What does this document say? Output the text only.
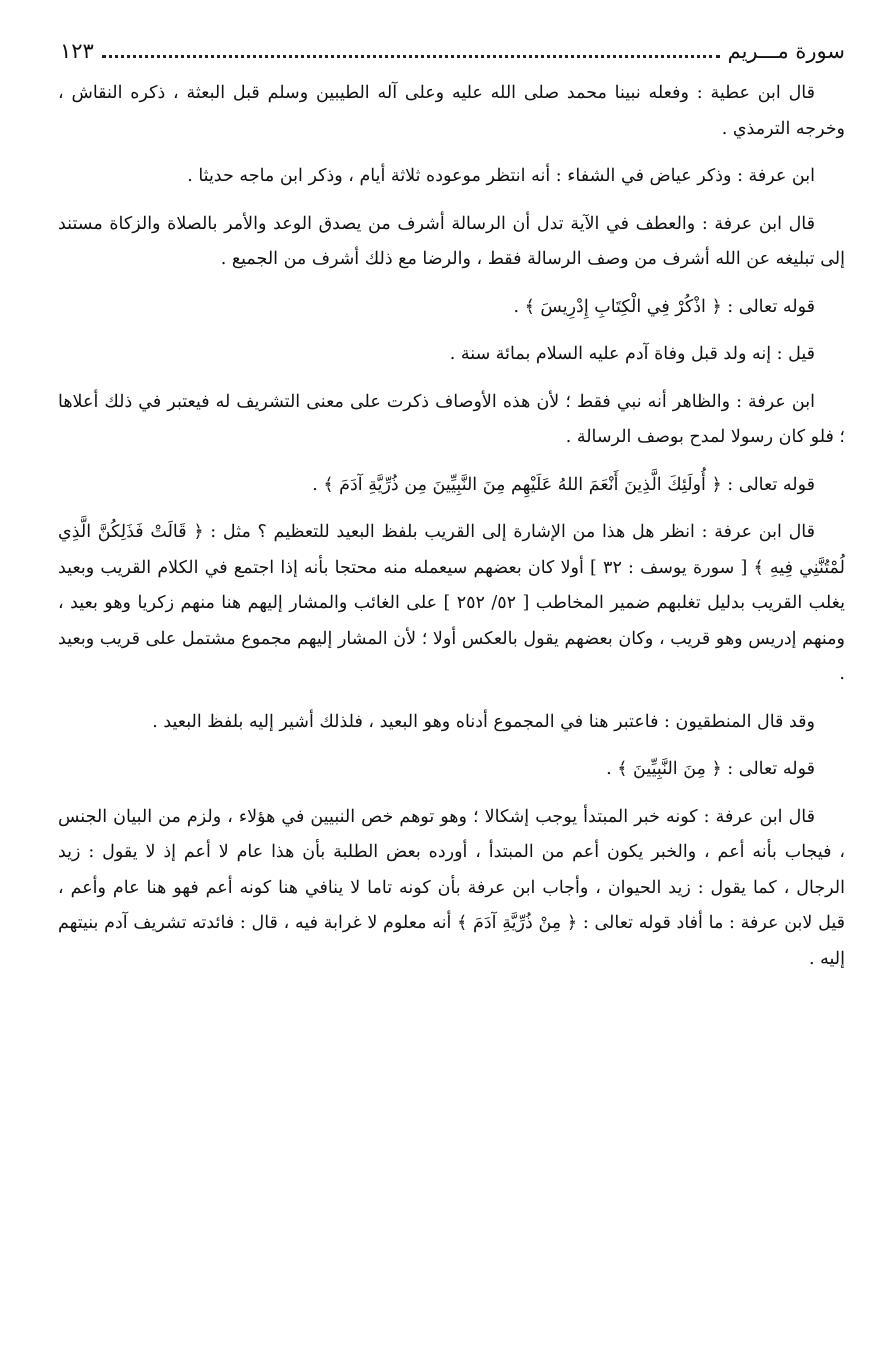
سورة مـــريم
١٢٣

قال ابن عطية : وفعله نبينا محمد صلى الله عليه وعلى آله الطيبين وسلم قبل البعثة ، ذكره النقاش ، وخرجه الترمذي .

ابن عرفة : وذكر عياض في الشفاء : أنه انتظر موعوده ثلاثة أيام ، وذكر ابن ماجه حديثا .

قال ابن عرفة : والعطف في الآية تدل أن الرسالة أشرف من يصدق الوعد والأمر بالصلاة والزكاة مستند إلى تبليغه عن الله أشرف من وصف الرسالة فقط ، والرضا مع ذلك أشرف من الجميع .

قوله تعالى : ﴿ اذْكُرْ فِي الْكِتَابِ إِدْرِيسَ ﴾ .

قيل : إنه ولد قبل وفاة آدم عليه السلام بمائة سنة .

ابن عرفة : والظاهر أنه نبي فقط ؛ لأن هذه الأوصاف ذكرت على معنى التشريف له فيعتبر في ذلك أعلاها ؛ فلو كان رسولا لمدح بوصف الرسالة .

قوله تعالى : ﴿ أُولَئِكَ الَّذِينَ أَنْعَمَ اللهُ عَلَيْهِم مِنَ النَّبِيِّينَ مِن ذُرِّيَّةِ آدَمَ ﴾ .

قال ابن عرفة : انظر هل هذا من الإشارة إلى القريب بلفظ البعيد للتعظيم ؟ مثل : ﴿ قَالَتْ فَذَلِكُنَّ الَّذِي لُمْتُنَّنِي فِيهِ ﴾ [ سورة يوسف : ٣٢ ] أولا كان بعضهم سيعمله منه محتجا بأنه إذا اجتمع في الكلام القريب وبعيد يغلب القريب بدليل تغلبهم ضمير المخاطب [ ٥٢/ ٢٥٢ ] على الغائب والمشار إليهم هنا منهم زكريا وهو بعيد ، ومنهم إدريس وهو قريب ، وكان بعضهم يقول بالعكس أولا ؛ لأن المشار إليهم مجموع مشتمل على قريب وبعيد .

وقد قال المنطقيون : فاعتبر هنا في المجموع أدناه وهو البعيد ، فلذلك أشير إليه بلفظ البعيد .

قوله تعالى : ﴿ مِنَ النَّبِيِّينَ ﴾ .

قال ابن عرفة : كونه خبر المبتدأ يوجب إشكالا ؛ وهو توهم خص النبيين في هؤلاء ، ولزم من البيان الجنس ، فيجاب بأنه أعم ، والخبر يكون أعم من المبتدأ ، أورده بعض الطلبة بأن هذا عام لا أعم إذ لا يقول : زيد الرجال ، كما يقول : زيد الحيوان ، وأجاب ابن عرفة بأن كونه تاما لا ينافي هنا كونه أعم فهو هنا عام وأعم ، قيل لابن عرفة : ما أفاد قوله تعالى : ﴿ مِنْ ذُرِّيَّةِ آدَمَ ﴾ أنه معلوم لا غرابة فيه ، قال : فائدته تشريف آدم بنيتهم إليه .
